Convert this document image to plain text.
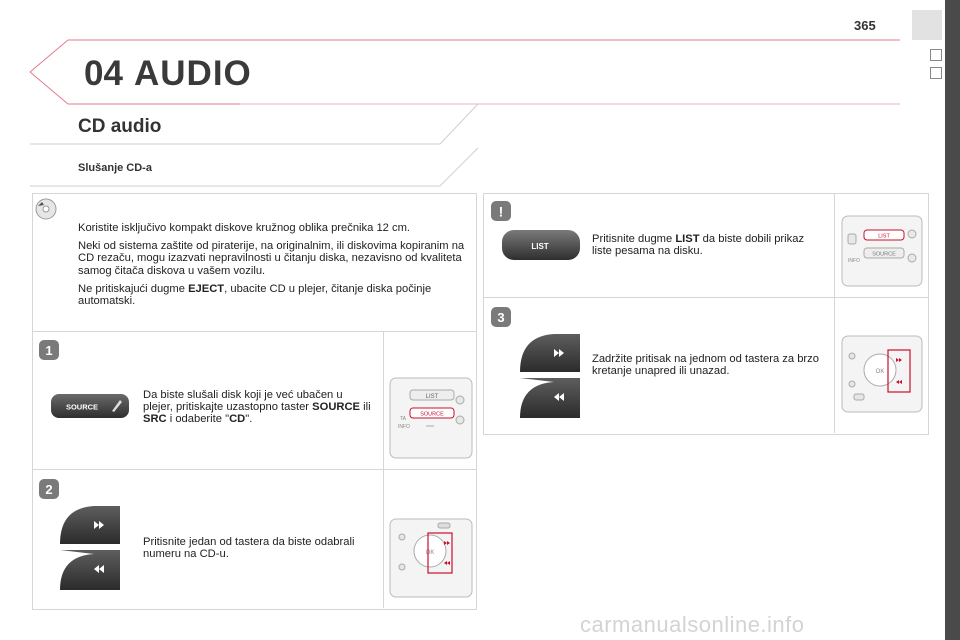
365
04 AUDIO
CD audio
Slušanje CD-a

Koristite isključivo kompakt diskove kružnog oblika prečnika 12 cm.

Neki od sistema zaštite od piraterije, na originalnim, ili diskovima kopiranim na CD rezaču, mogu izazvati nepravilnosti u čitanju diska, nezavisno od kvaliteta samog čitača diskova u vašem vozilu.

Ne pritiskajući dugme EJECT, ubacite CD u plejer, čitanje diska počinje automatski.

1
SOURCE
Da biste slušali disk koji je već ubačen u plejer, pritiskajte uzastopno taster SOURCE ili SRC i odaberite "CD".
LIST
SOURCE
TA
INFO
2
Pritisnite jedan od tastera da biste odabrali numeru na CD-u.	OK
!
LIST
Pritisnite dugme LIST da biste dobili prikaz liste pesama na disku.
LIST
SOURCE
INFO
3
Zadržite pritisak na jednom od tastera za brzo kretanje unapred ili unazad.	OK
carmanualsonline.info
